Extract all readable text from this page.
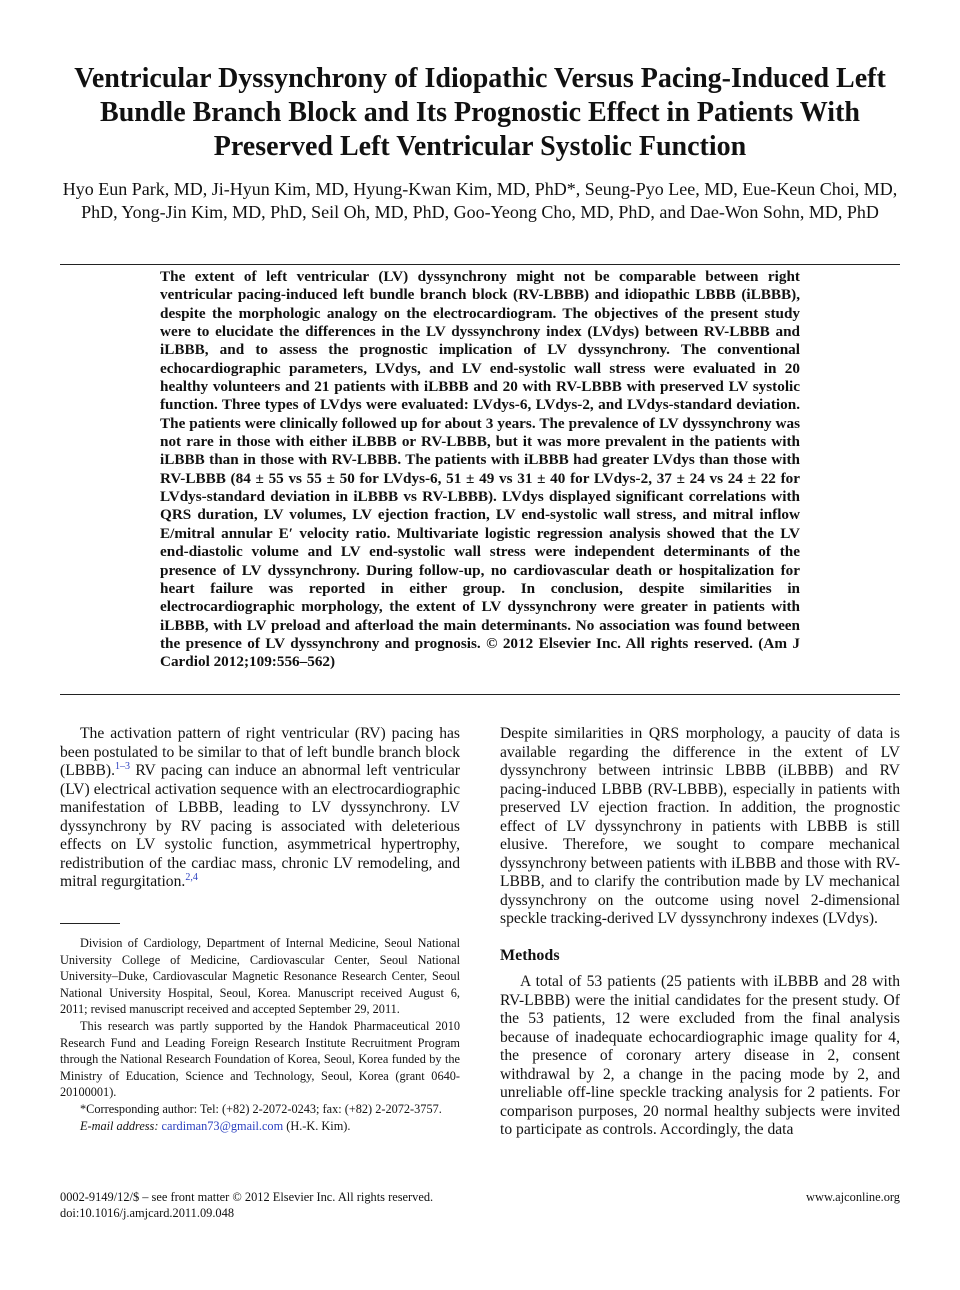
Ventricular Dyssynchrony of Idiopathic Versus Pacing-Induced Left Bundle Branch Block and Its Prognostic Effect in Patients With Preserved Left Ventricular Systolic Function
Hyo Eun Park, MD, Ji-Hyun Kim, MD, Hyung-Kwan Kim, MD, PhD*, Seung-Pyo Lee, MD, Eue-Keun Choi, MD, PhD, Yong-Jin Kim, MD, PhD, Seil Oh, MD, PhD, Goo-Yeong Cho, MD, PhD, and Dae-Won Sohn, MD, PhD

The extent of left ventricular (LV) dyssynchrony might not be comparable between right ventricular pacing-induced left bundle branch block (RV-LBBB) and idiopathic LBBB (iLBBB), despite the morphologic analogy on the electrocardiogram. The objectives of the present study were to elucidate the differences in the LV dyssynchrony index (LVdys) between RV-LBBB and iLBBB, and to assess the prognostic implication of LV dyssynchrony. The conventional echocardiographic parameters, LVdys, and LV end-systolic wall stress were evaluated in 20 healthy volunteers and 21 patients with iLBBB and 20 with RV-LBBB with preserved LV systolic function. Three types of LVdys were evaluated: LVdys-6, LVdys-2, and LVdys-standard deviation. The patients were clinically followed up for about 3 years. The prevalence of LV dyssynchrony was not rare in those with either iLBBB or RV-LBBB, but it was more prevalent in the patients with iLBBB than in those with RV-LBBB. The patients with iLBBB had greater LVdys than those with RV-LBBB (84 ± 55 vs 55 ± 50 for LVdys-6, 51 ± 49 vs 31 ± 40 for LVdys-2, 37 ± 24 vs 24 ± 22 for LVdys-standard deviation in iLBBB vs RV-LBBB). LVdys displayed significant correlations with QRS duration, LV volumes, LV ejection fraction, LV end-systolic wall stress, and mitral inflow E/mitral annular E′ velocity ratio. Multivariate logistic regression analysis showed that the LV end-diastolic volume and LV end-systolic wall stress were independent determinants of the presence of LV dyssynchrony. During follow-up, no cardiovascular death or hospitalization for heart failure was reported in either group. In conclusion, despite similarities in electrocardiographic morphology, the extent of LV dyssynchrony were greater in patients with iLBBB, with LV preload and afterload the main determinants. No association was found between the presence of LV dyssynchrony and prognosis. © 2012 Elsevier Inc. All rights reserved. (Am J Cardiol 2012;109:556–562)

The activation pattern of right ventricular (RV) pacing has been postulated to be similar to that of left bundle branch block (LBBB).$^{1-3}$ RV pacing can induce an abnormal left ventricular (LV) electrical activation sequence with an electrocardiographic manifestation of LBBB, leading to LV dyssynchrony. LV dyssynchrony by RV pacing is associated with deleterious effects on LV systolic function, asymmetrical hypertrophy, redistribution of the cardiac mass, chronic LV remodeling, and mitral regurgitation.$^{2,4}$

Division of Cardiology, Department of Internal Medicine, Seoul National University College of Medicine, Cardiovascular Center, Seoul National University–Duke, Cardiovascular Magnetic Resonance Research Center, Seoul National University Hospital, Seoul, Korea. Manuscript received August 6, 2011; revised manuscript received and accepted September 29, 2011.

This research was partly supported by the Handok Pharmaceutical 2010 Research Fund and Leading Foreign Research Institute Recruitment Program through the National Research Foundation of Korea, Seoul, Korea funded by the Ministry of Education, Science and Technology, Seoul, Korea (grant 0640-20100001).

*Corresponding author: Tel: (+82) 2-2072-0243; fax: (+82) 2-2072-3757.

E-mail address: cardiman73@gmail.com (H.-K. Kim).

Despite similarities in QRS morphology, a paucity of data is available regarding the difference in the extent of LV dyssynchrony between intrinsic LBBB (iLBBB) and RV pacing-induced LBBB (RV-LBBB), especially in patients with preserved LV ejection fraction. In addition, the prognostic effect of LV dyssynchrony in patients with LBBB is still elusive. Therefore, we sought to compare mechanical dyssynchrony between patients with iLBBB and those with RV-LBBB, and to clarify the contribution made by LV mechanical dyssynchrony on the outcome using novel 2-dimensional speckle tracking-derived LV dyssynchrony indexes (LVdys).

Methods

A total of 53 patients (25 patients with iLBBB and 28 with RV-LBBB) were the initial candidates for the present study. Of the 53 patients, 12 were excluded from the final analysis because of inadequate echocardiographic image quality for 4, the presence of coronary artery disease in 2, consent withdrawal by 2, a change in the pacing mode by 2, and unreliable off-line speckle tracking analysis for 2 patients. For comparison purposes, 20 normal healthy subjects were invited to participate as controls. Accordingly, the data

0002-9149/12/$ – see front matter © 2012 Elsevier Inc. All rights reserved.
doi:10.1016/j.amjcard.2011.09.048
www.ajconline.org
